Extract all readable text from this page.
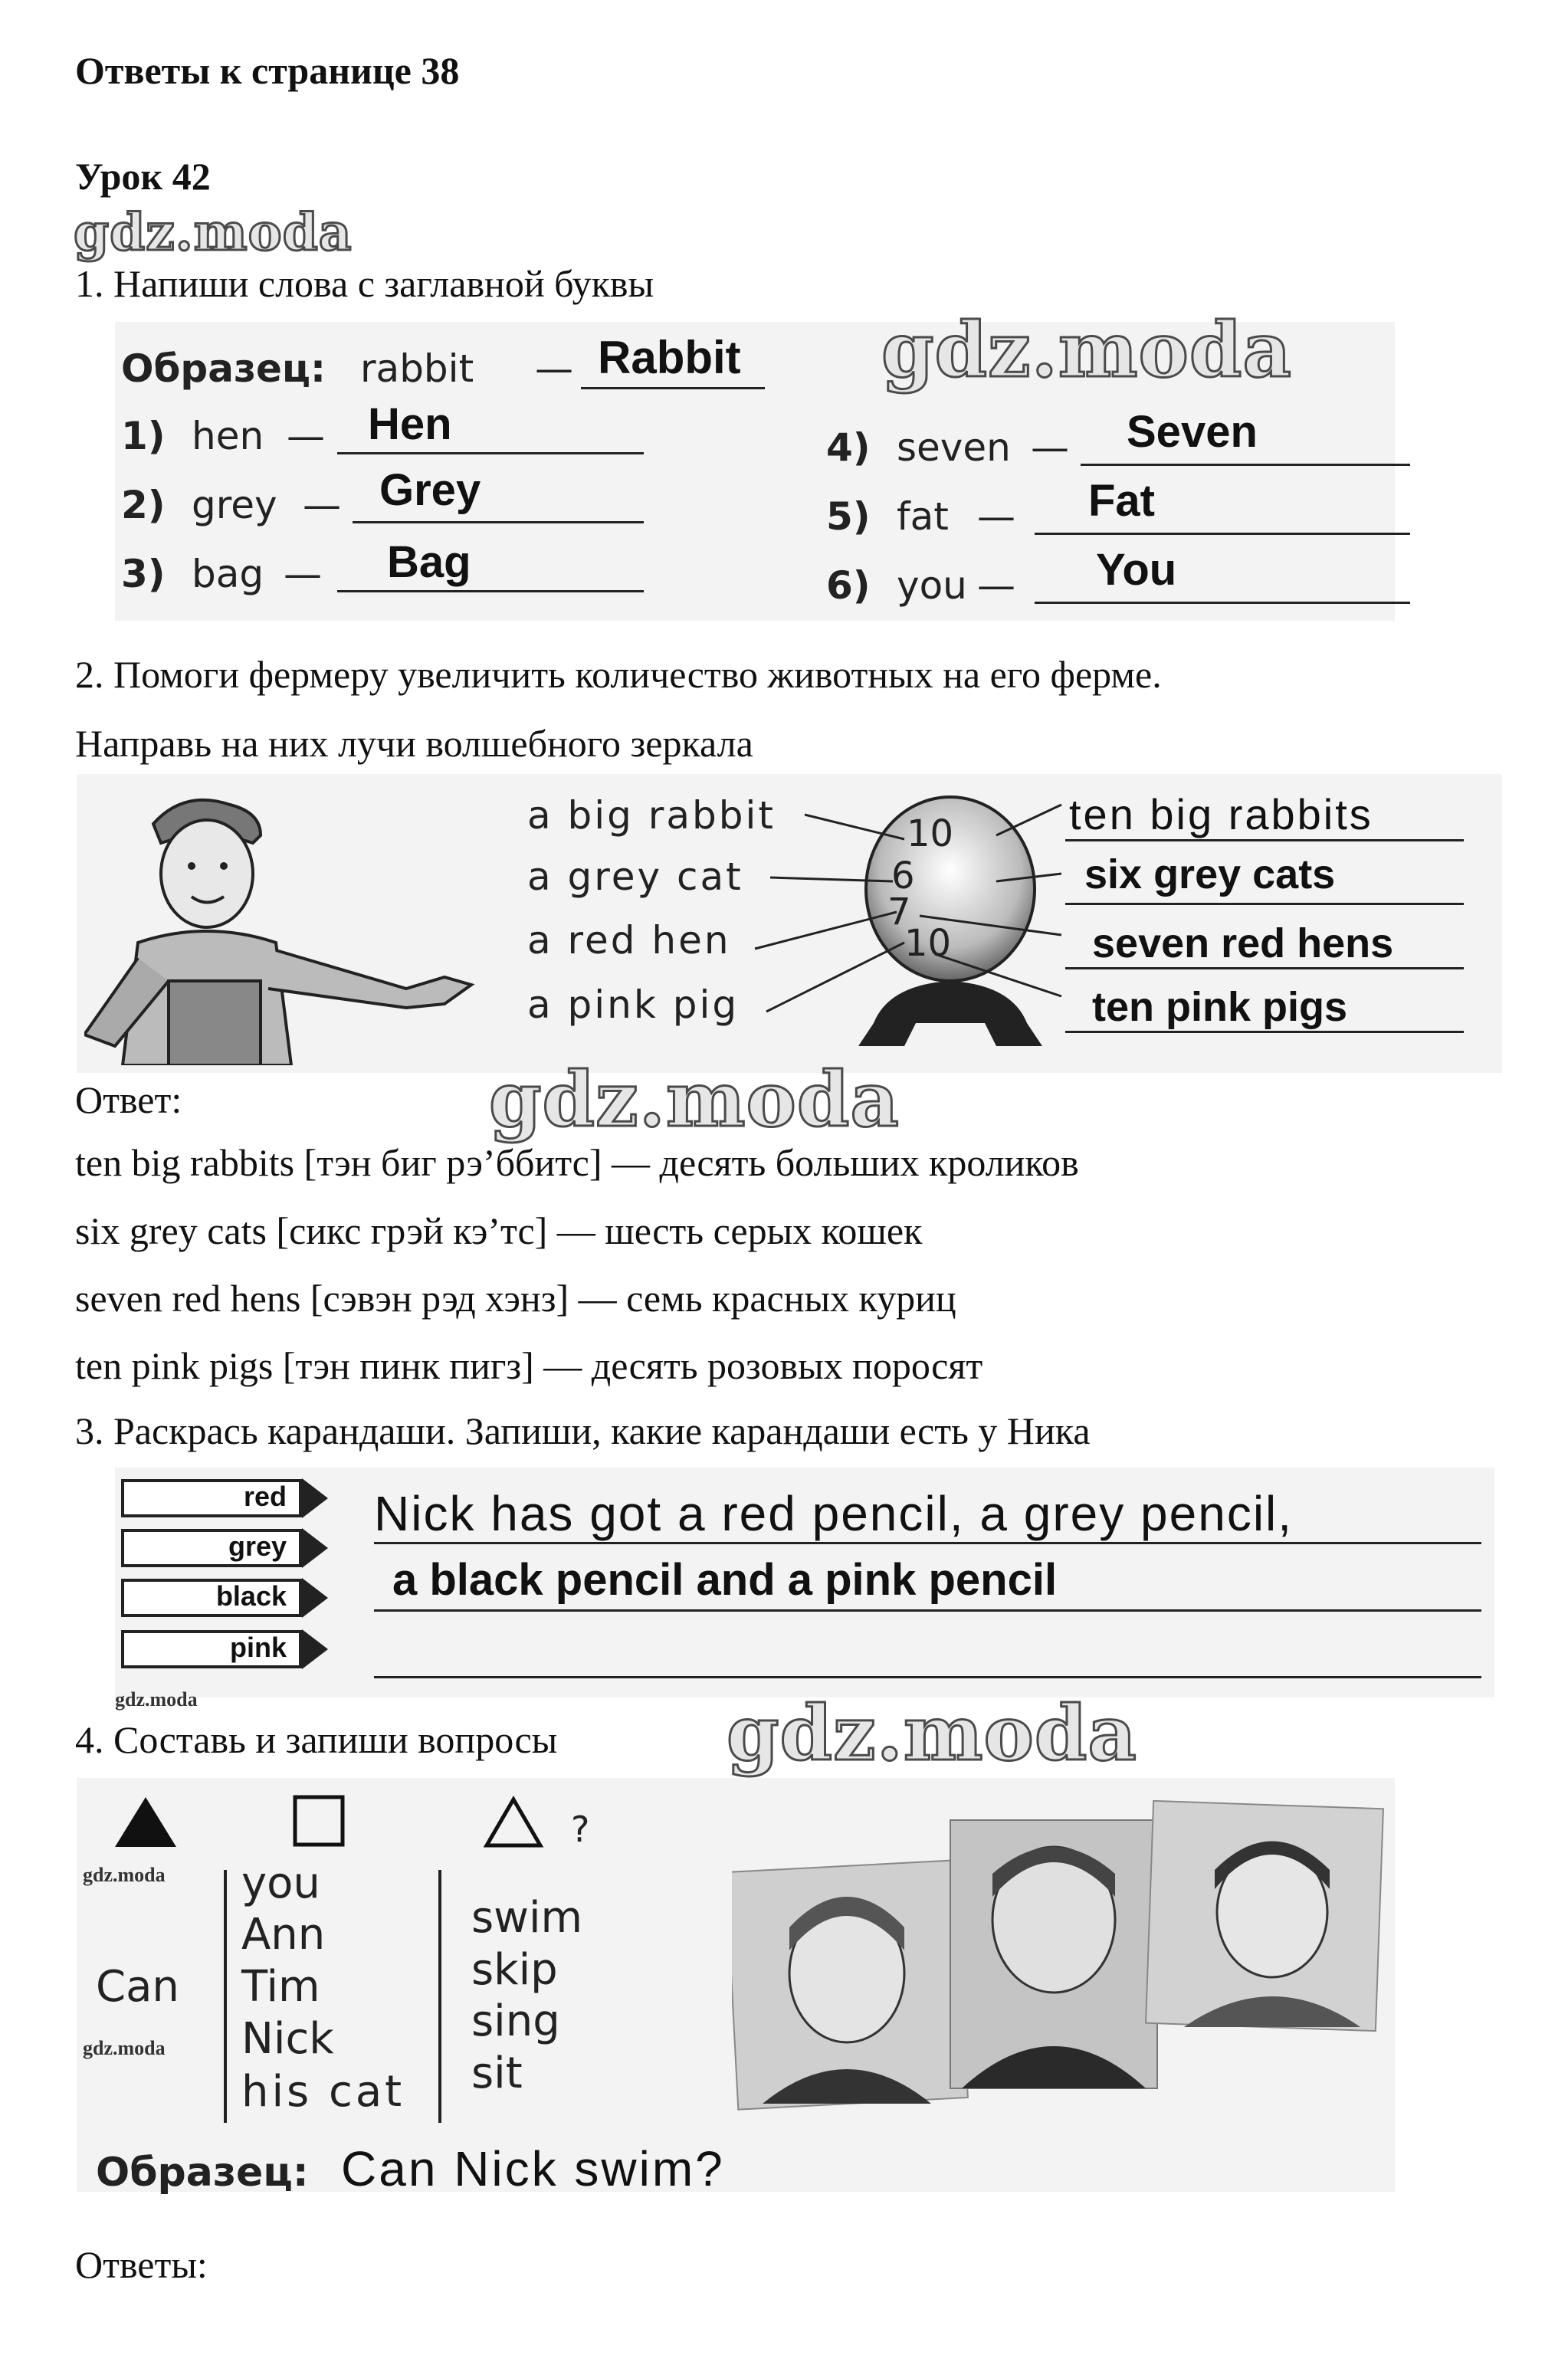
Ответы к странице 38
Урок 42
gdz.moda
1. Напиши слова с заглавной буквы
gdz.moda
Образец: rabbit — Rabbit
1) hen — Hen
2) grey — Grey
3) bag — Bag
4) seven — Seven
5) fat — Fat
6) you — You
2. Помоги фермеру увеличить количество животных на его ферме.
Направь на них лучи волшебного зеркала
a big rabbit
a grey cat
a red hen
a pink pig
10
6
7
10
ten big rabbits
six grey cats
seven red hens
ten pink pigs
Ответ:	gdz.moda
ten big rabbits [тэн биг рэ’ббитс] — десять больших кроликов
six grey cats [сикс грэй кэ’тс] — шесть серых кошек
seven red hens [сэвэн рэд хэнз] — семь красных куриц
ten pink pigs [тэн пинк пигз] — десять розовых поросят
3. Раскрась карандаши. Запиши, какие карандаши есть у Ника
red
grey
black
pink
Nick has got a red pencil, a grey pencil,
a black pencil and a pink pencil
gdz.moda
4. Составь и запиши вопросы gdz.moda
?
gdz.moda
gdz.moda
Can
you
Ann
Tim
Nick
his cat
swim
skip
sing
sit
Образец: Can Nick swim?
Ответы:
